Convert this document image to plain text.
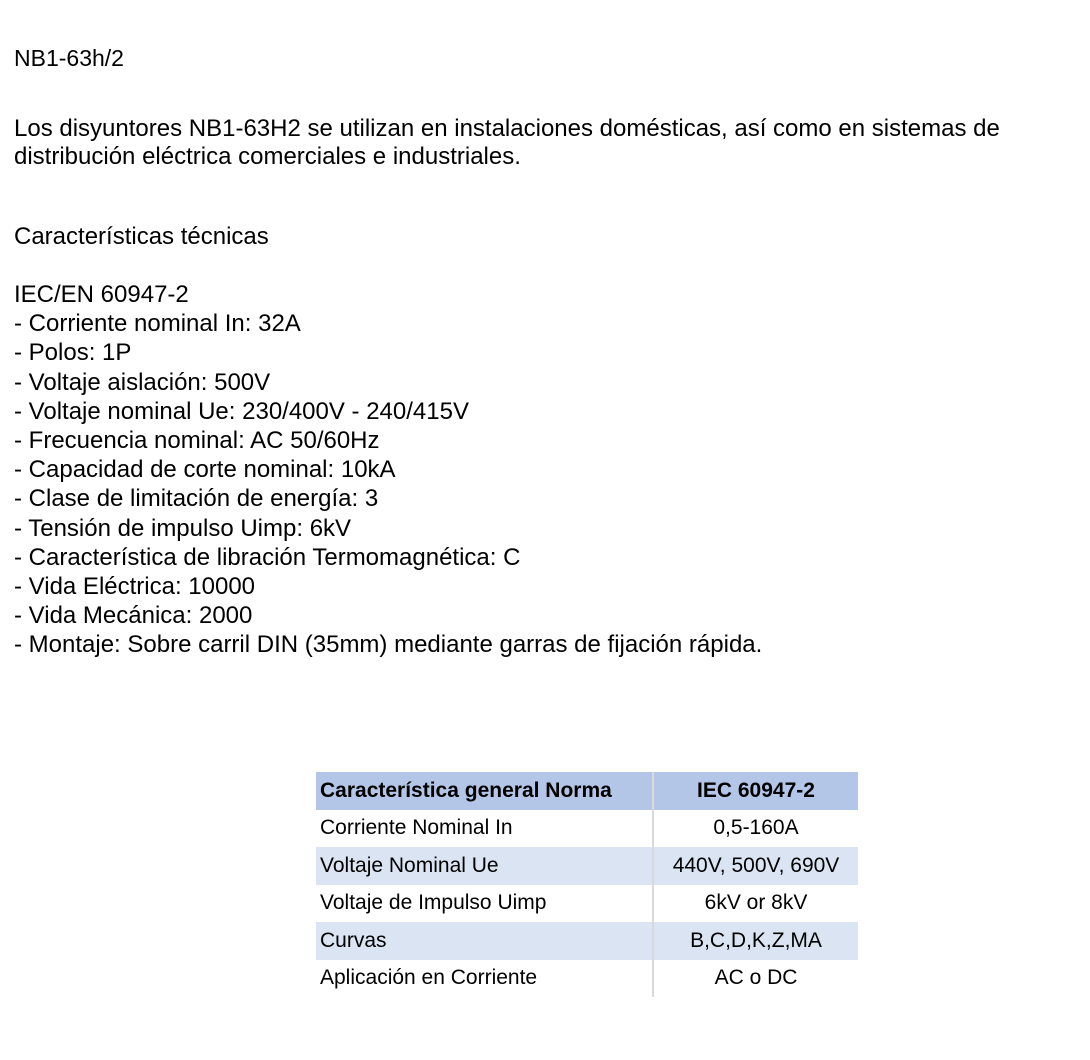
NB1-63h/2

Los disyuntores NB1-63H2 se utilizan en instalaciones domésticas, así como en sistemas de distribución eléctrica comerciales e industriales.

Características técnicas
IEC/EN 60947-2
- Corriente nominal In: 32A
- Polos: 1P
- Voltaje aislación: 500V
- Voltaje nominal Ue: 230/400V - 240/415V
- Frecuencia nominal: AC 50/60Hz
- Capacidad de corte nominal: 10kA
- Clase de limitación de energía: 3
- Tensión de impulso Uimp: 6kV
- Característica de libración Termomagnética: C
- Vida Eléctrica: 10000
- Vida Mecánica: 2000
- Montaje: Sobre carril DIN (35mm) mediante garras de fijación rápida.
Característica general Norma	IEC 60947-2
Corriente Nominal In	0,5-160A
Voltaje Nominal Ue	440V, 500V, 690V
Voltaje de Impulso Uimp	6kV or 8kV
Curvas	B,C,D,K,Z,MA
Aplicación en Corriente	AC o DC
